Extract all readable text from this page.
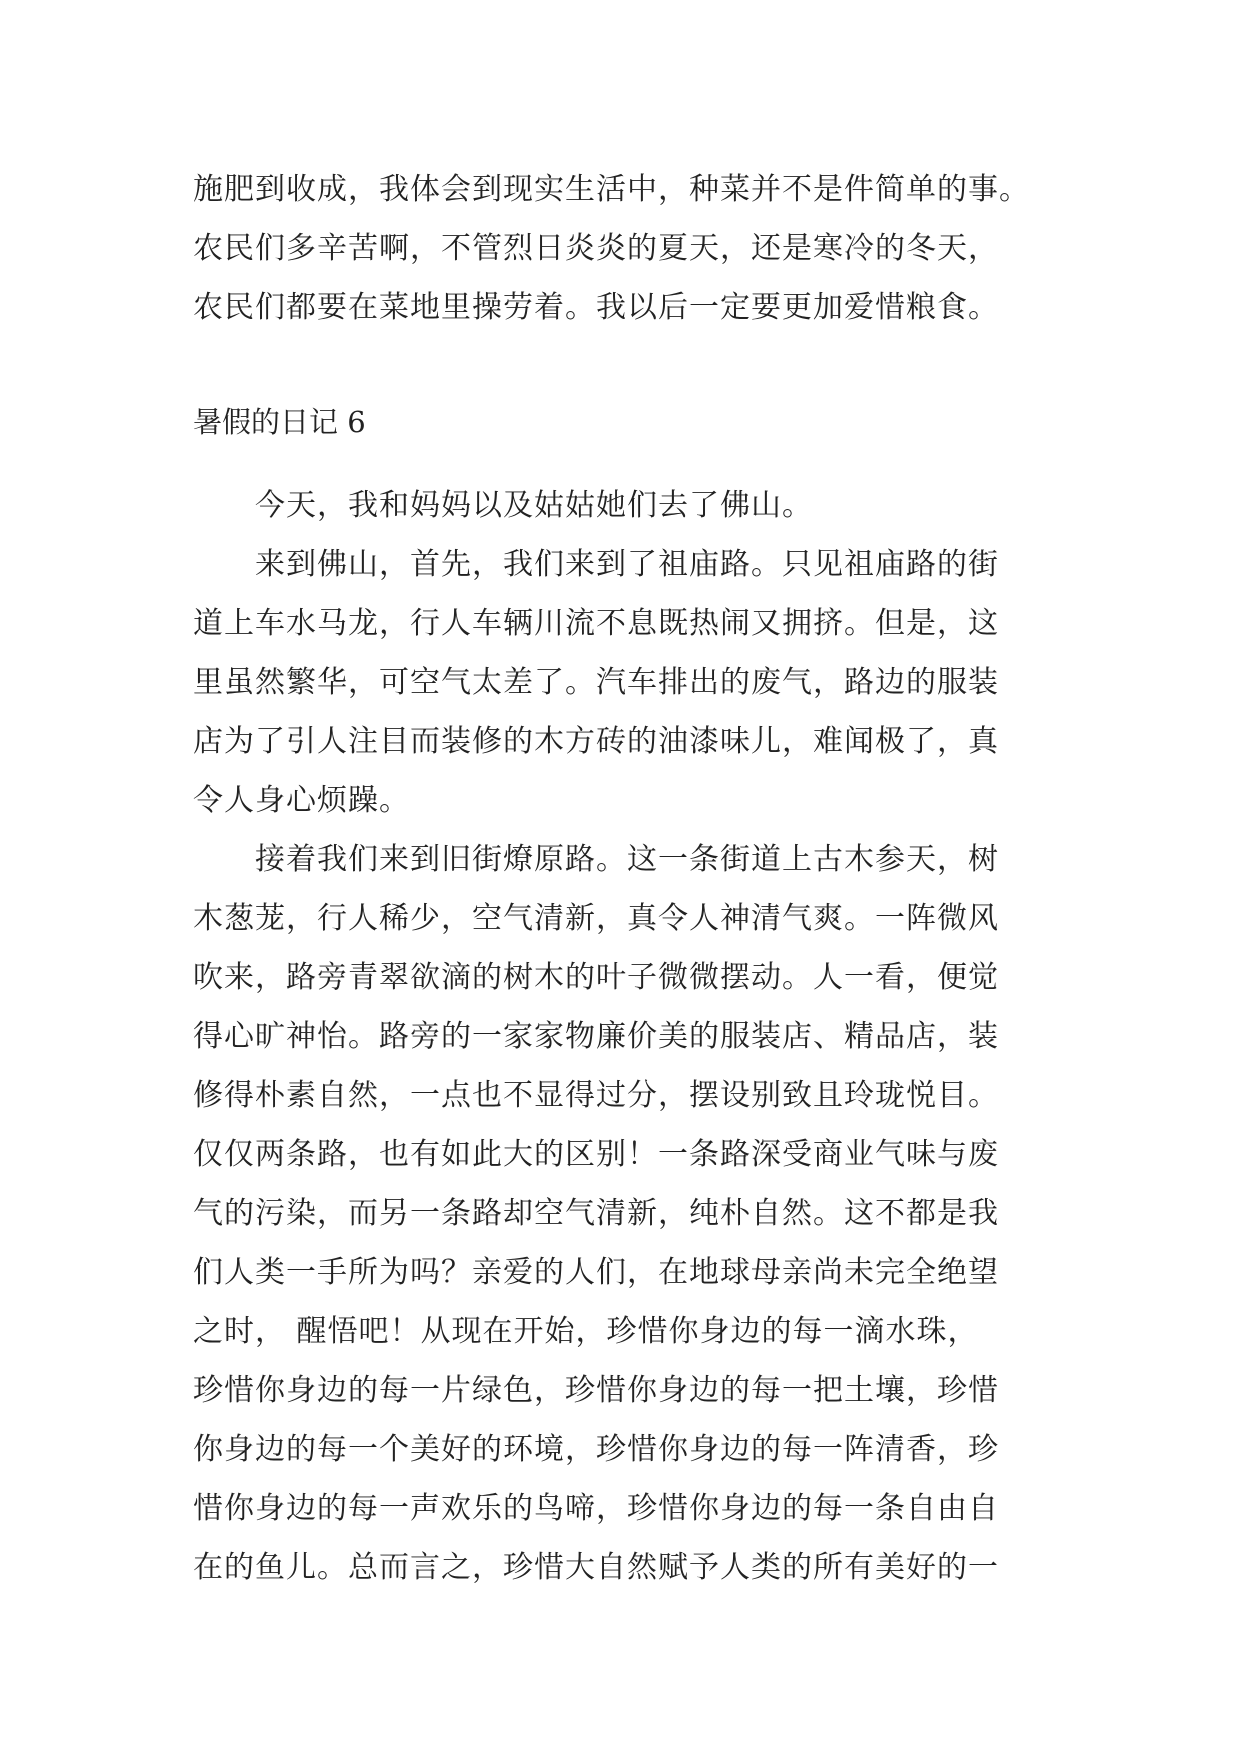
施肥到收成，我体会到现实生活中，种菜并不是件简单的事。
农民们多辛苦啊，不管烈日炎炎的夏天，还是寒冷的冬天，
农民们都要在菜地里操劳着。我以后一定要更加爱惜粮食。
暑假的日记 6
今天，我和妈妈以及姑姑她们去了佛山。
来到佛山，首先，我们来到了祖庙路。只见祖庙路的街
道上车水马龙，行人车辆川流不息既热闹又拥挤。但是，这
里虽然繁华，可空气太差了。汽车排出的废气，路边的服装
店为了引人注目而装修的木方砖的油漆味儿，难闻极了，真
令人身心烦躁。
接着我们来到旧街燎原路。这一条街道上古木参天，树
木葱茏，行人稀少，空气清新，真令人神清气爽。一阵微风
吹来，路旁青翠欲滴的树木的叶子微微摆动。人一看，便觉
得心旷神怡。路旁的一家家物廉价美的服装店、精品店，装
修得朴素自然，一点也不显得过分，摆设别致且玲珑悦目。
仅仅两条路，也有如此大的区别！一条路深受商业气味与废
气的污染，而另一条路却空气清新，纯朴自然。这不都是我
们人类一手所为吗？亲爱的人们，在地球母亲尚未完全绝望
之时， 醒悟吧！从现在开始，珍惜你身边的每一滴水珠，
珍惜你身边的每一片绿色，珍惜你身边的每一把土壤，珍惜
你身边的每一个美好的环境，珍惜你身边的每一阵清香，珍
惜你身边的每一声欢乐的鸟啼，珍惜你身边的每一条自由自
在的鱼儿。总而言之，珍惜大自然赋予人类的所有美好的一
